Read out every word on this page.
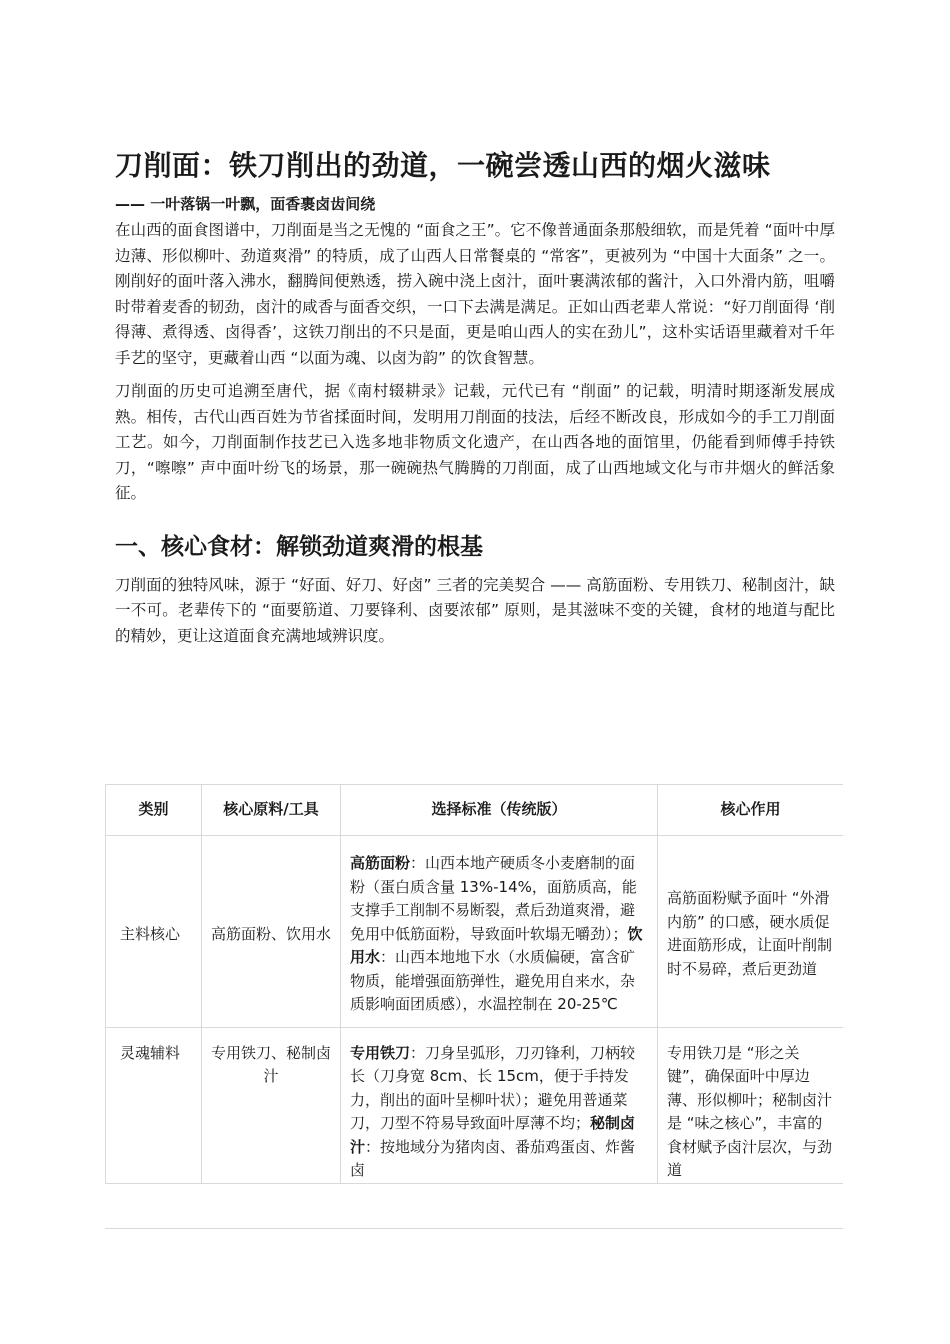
刀削面：铁刀削出的劲道，一碗尝透山西的烟火滋味
—— 一叶落锅一叶飘，面香裹卤齿间绕

在山西的面食图谱中，刀削面是当之无愧的 “面食之王”。它不像普通面条那般细软，而是凭着 “面叶中厚边薄、形似柳叶、劲道爽滑” 的特质，成了山西人日常餐桌的 “常客”，更被列为 “中国十大面条” 之一。刚削好的面叶落入沸水，翻腾间便熟透，捞入碗中浇上卤汁，面叶裹满浓郁的酱汁，入口外滑内筋，咀嚼时带着麦香的韧劲，卤汁的咸香与面香交织，一口下去满是满足。正如山西老辈人常说：“好刀削面得 ‘削得薄、煮得透、卤得香’，这铁刀削出的不只是面，更是咱山西人的实在劲儿”，这朴实话语里藏着对千年手艺的坚守，更藏着山西 “以面为魂、以卤为韵” 的饮食智慧。

刀削面的历史可追溯至唐代，据《南村辍耕录》记载，元代已有 “削面” 的记载，明清时期逐渐发展成熟。相传，古代山西百姓为节省揉面时间，发明用刀削面的技法，后经不断改良，形成如今的手工刀削面工艺。如今，刀削面制作技艺已入选多地非物质文化遗产，在山西各地的面馆里，仍能看到师傅手持铁刀，“嚓嚓” 声中面叶纷飞的场景，那一碗碗热气腾腾的刀削面，成了山西地域文化与市井烟火的鲜活象征。

一、核心食材：解锁劲道爽滑的根基

刀削面的独特风味，源于 “好面、好刀、好卤” 三者的完美契合 —— 高筋面粉、专用铁刀、秘制卤汁，缺一不可。老辈传下的 “面要筋道、刀要锋利、卤要浓郁” 原则，是其滋味不变的关键，食材的地道与配比的精妙，更让这道面食充满地域辨识度。

类别	核心原料/工具	选择标准（传统版）	核心作用
主料核心	高筋面粉、饮用水	高筋面粉：山西本地产硬质冬小麦磨制的面粉（蛋白质含量 13%-14%，面筋质高，能支撑手工削制不易断裂，煮后劲道爽滑，避免用中低筋面粉，导致面叶软塌无嚼劲）；饮用水：山西本地地下水（水质偏硬，富含矿物质，能增强面筋弹性，避免用自来水，杂质影响面团质感），水温控制在 20-25℃	高筋面粉赋予面叶 “外滑内筋” 的口感，硬水质促进面筋形成，让面叶削制时不易碎，煮后更劲道
灵魂辅料	专用铁刀、秘制卤汁	专用铁刀：刀身呈弧形，刀刃锋利，刀柄较长（刀身宽 8cm、长 15cm，便于手持发力，削出的面叶呈柳叶状）；避免用普通菜刀，刀型不符易导致面叶厚薄不均；秘制卤汁：按地域分为猪肉卤、番茄鸡蛋卤、炸酱卤	专用铁刀是 “形之关键”，确保面叶中厚边薄、形似柳叶；秘制卤汁是 “味之核心”，丰富的食材赋予卤汁层次，与劲道
